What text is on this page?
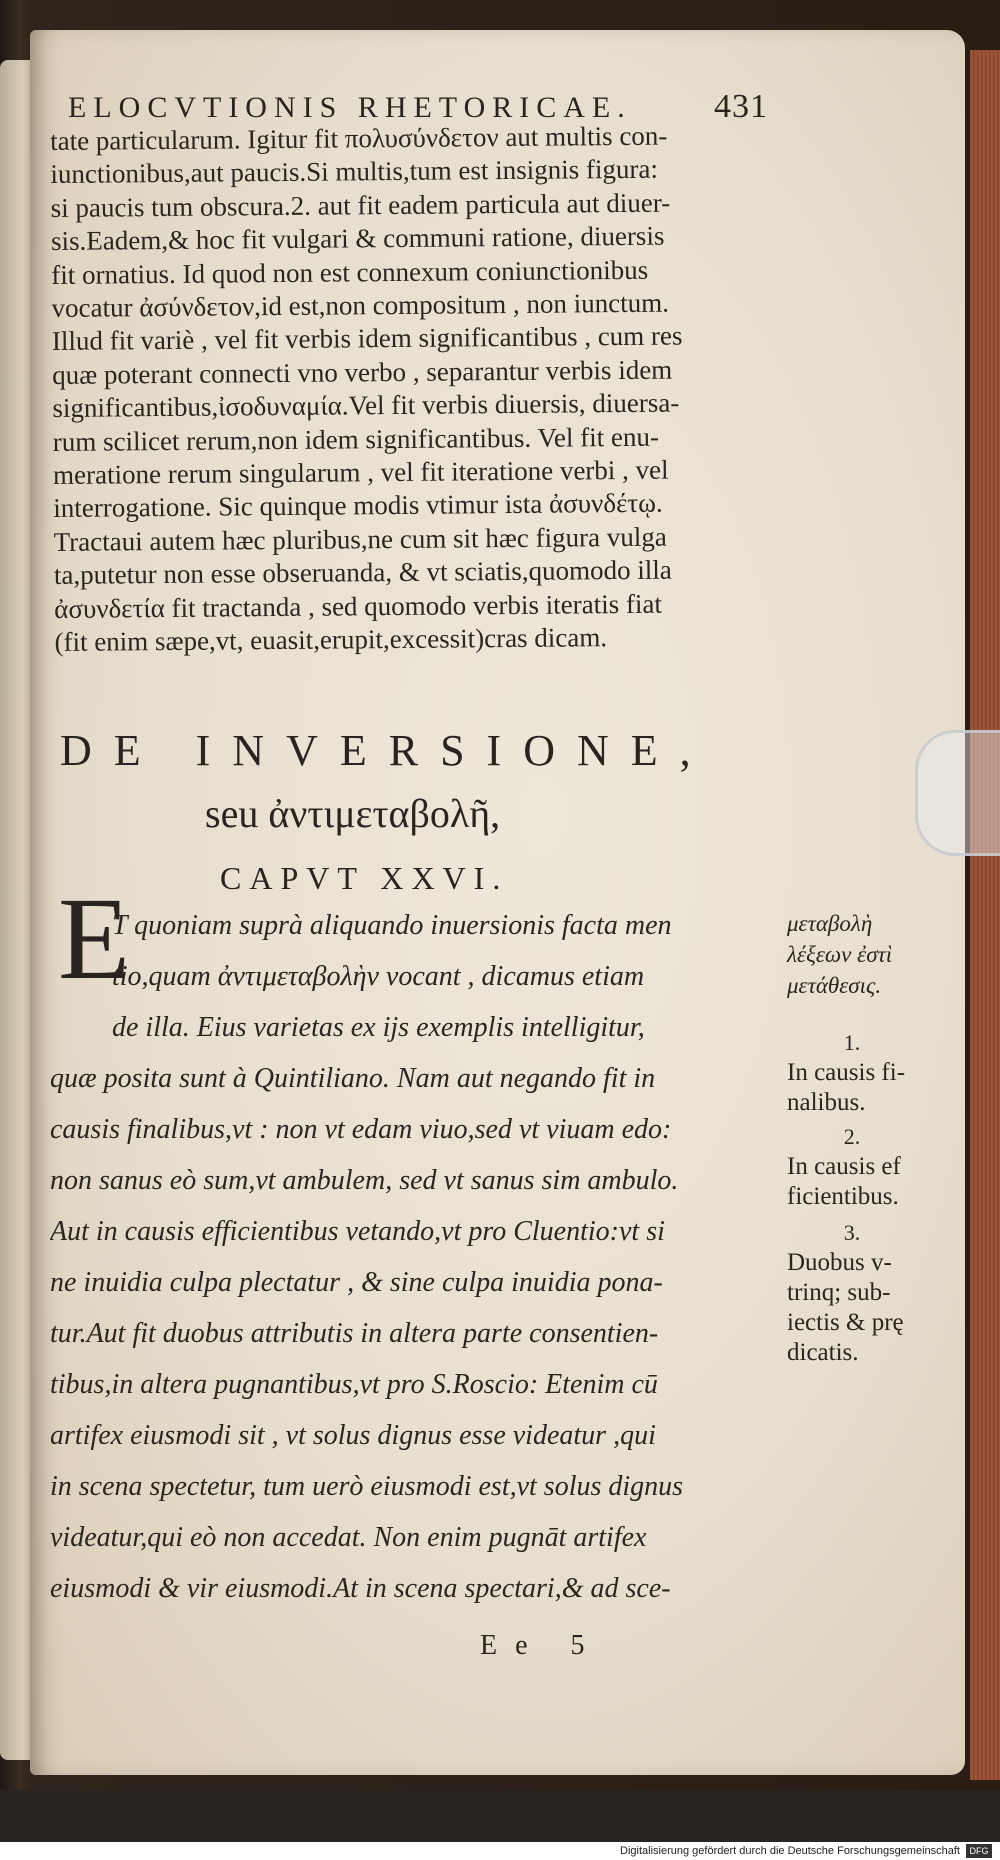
ELOCVTIONIS RHETORICAE. 431
tate particularum. Igitur fit πολυσύνδετον aut multis con-
iunctionibus,aut paucis.Si multis,tum est insignis figura:
si paucis tum obscura.2. aut fit eadem particula aut diuer-
sis.Eadem,& hoc fit vulgari & communi ratione, diuersis
fit ornatius. Id quod non est connexum coniunctionibus
vocatur ἀσύνδετον,id est,non compositum , non iunctum.
Illud fit variè , vel fit verbis idem significantibus , cum res
quæ poterant connecti vno verbo , separantur verbis idem
significantibus,ἰσοδυναμία.Vel fit verbis diuersis, diuersa-
rum scilicet rerum,non idem significantibus. Vel fit enu-
meratione rerum singularum , vel fit iteratione verbi , vel
interrogatione. Sic quinque modis vtimur ista ἀσυνδέτῳ.
Tractaui autem hæc pluribus,ne cum sit hæc figura vulga
ta,putetur non esse obseruanda, & vt sciatis,quomodo illa
ἀσυνδετία fit tractanda , sed quomodo verbis iteratis fiat
(fit enim sæpe,vt, euasit,erupit,excessit)cras dicam.
DE INVERSIONE,
seu ἀντιμεταβολῆ,
CAPVT XXVI.
E
T quoniam suprà aliquando inuersionis facta men
tio,quam ἀντιμεταβολὴν vocant , dicamus etiam
de illa. Eius varietas ex ijs exemplis intelligitur,
quæ posita sunt à Quintiliano. Nam aut negando fit in
causis finalibus,vt : non vt edam viuo,sed vt viuam edo:
non sanus eò sum,vt ambulem, sed vt sanus sim ambulo.
Aut in causis efficientibus vetando,vt pro Cluentio:vt si
ne inuidia culpa plectatur , & sine culpa inuidia pona-
tur.Aut fit duobus attributis in altera parte consentien-
tibus,in altera pugnantibus,vt pro S.Roscio: Etenim cū
artifex eiusmodi sit , vt solus dignus esse videatur ,qui
in scena spectetur, tum uerò eiusmodi est,vt solus dignus
videatur,qui eò non accedat. Non enim pugnāt artifex
eiusmodi & vir eiusmodi.At in scena spectari,& ad sce-
μεταβολὴ
λέξεων ἐστὶ
μετάθεσις.
1.
In causis fi-
nalibus.
2.
In causis ef
ficientibus.
3.
Duobus v-
trinq; sub-
iectis & prę
dicatis.
Ee 5
Digitalisierung gefördert durch die Deutsche Forschungsgemeinschaft	DFG
